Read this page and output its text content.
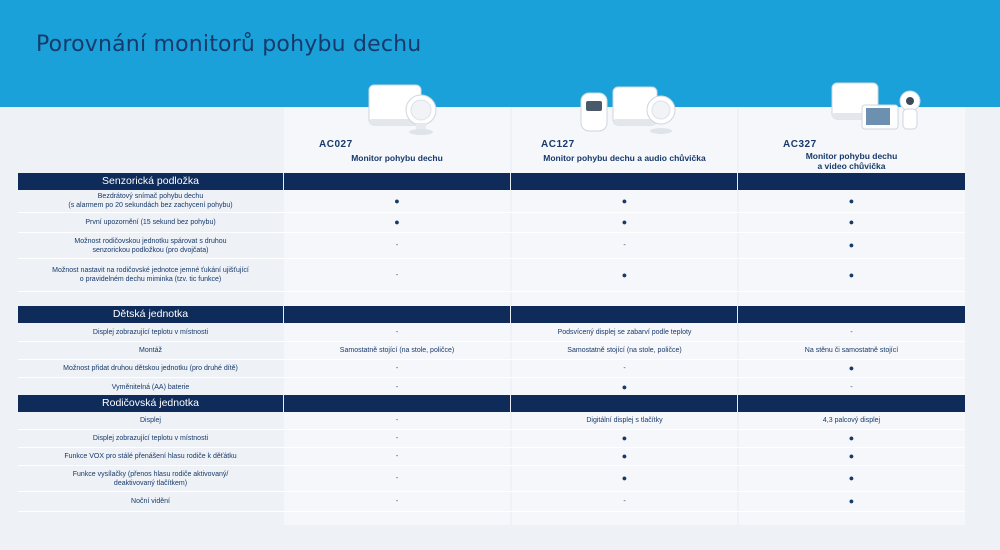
Porovnání monitorů pohybu dechu
AC027
Monitor pohybu dechu
AC127
Monitor pohybu dechu a audio chůvička
AC327
Monitor pohybu dechu
a video chůvička
Senzorická podložka
Bezdrátový snímač pohybu dechu
(s alarmem po 20 sekundách bez zachycení pohybu)	●	●	●
První upozornění (15 sekund bez pohybu)	●	●	●
Možnost rodičovskou jednotku spárovat s druhou
senzorickou podložkou (pro dvojčata)
-	-	●
Možnost nastavit na rodičovské jednotce jemné ťukání ujišťující
o pravidelném dechu miminka (tzv. tic funkce)
-	●	●
Dětská jednotka
Displej zobrazující teplotu v místnosti	-	Podsvícený displej se zabarví podle teploty	-
Montáž	Samostatně stojící (na stole, poličce)	Samostatně stojící (na stole, poličce)	Na stěnu či samostatně stojící
Možnost přidat druhou dětskou jednotku (pro druhé dítě)	-	-	●
Vyměnitelná (AA) baterie	-	●	-
Rodičovská jednotka
Displej	-	Digitální displej s tlačítky	4,3 palcový displej
Displej zobrazující teplotu v místnosti	-	●	●
Funkce VOX pro stálé přenášení hlasu rodiče k děťátku	-	●	●
Funkce vysílačky (přenos hlasu rodiče aktivovaný/
deaktivovaný tlačítkem)
-	●	●
Noční vidění	-	-	●
